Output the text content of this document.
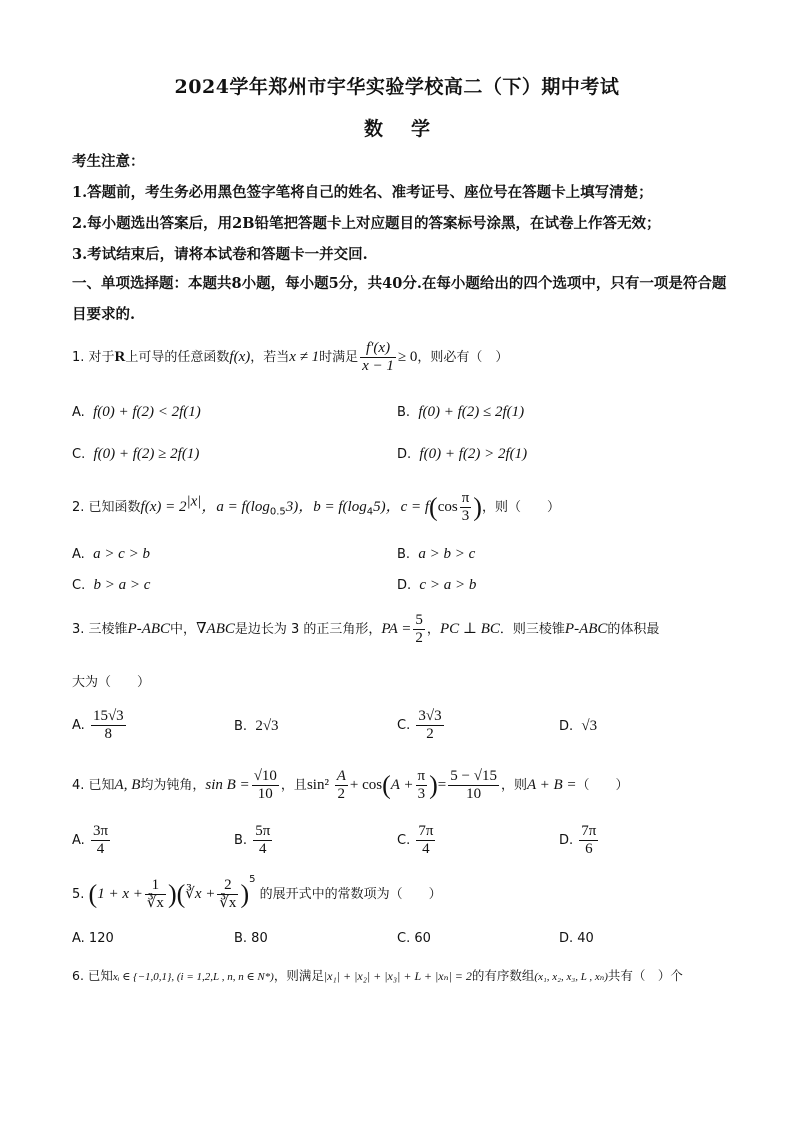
2024学年郑州市宇华实验学校高二（下）期中考试
数学
考生注意：
1.答题前，考生务必用黑色签字笔将自己的姓名、准考证号、座位号在答题卡上填写清楚；
2.每小题选出答案后，用2B铅笔把答题卡上对应题目的答案标号涂黑，在试卷上作答无效；
3.考试结束后，请将本试卷和答题卡一并交回.
一、单项选择题：本题共8小题，每小题5分，共40分.在每小题给出的四个选项中，只有一项是符合题目要求的.
1. 对于R上可导的任意函数f(x)，若当x ≠ 1时满足 $\frac{f'(x)}{x - 1} \ge 0$，则必有（　）
A. f(0) + f(2) < 2f(1)	B. f(0) + f(2) ≤ 2f(1)
C. f(0) + f(2) ≥ 2f(1)	D. f(0) + f(2) > 2f(1)
2. 已知函数$f(x) = 2^{|x|}$，$a = f(\log_{0.5}3)$，$b = f(\log_45)$，$c = f(\cos \frac{\pi}{3}$ )，则（　　）
A. a > c > b	B. a > b > c
C. b > a > c	D. c > a > b
3. 三棱锥P-ABC中，∇ABC是边长为 3 的正三角形，PA = $\frac{5}{2}$ ，PC ⊥ BC．则三棱锥P-ABC的体积最
大为（　　）
A. $\frac{15√3}{8}$	B. 2√3	C. $\frac{3√3}{2}$	D. √3
4. 已知A, B均为钝角，$\sin B = \frac{√10}{10}$ ，且$\sin^2 \frac{A}{2} + \cos(A + \frac{\pi}{3}$ )= $\frac{5 - √15}{10}$ ，则A + B =（　　）
A. $\frac{3\pi}{4}$	B. $\frac{5\pi}{4}$	C. $\frac{7\pi}{4}$	D. $\frac{7\pi}{6}$
5. ($1 + x + \frac{1}{∛x}$ )(∛x + $\frac{2}{∛x} )^5$ 的展开式中的常数项为（　　）
A. 120	B. 80	C. 60	D. 40
6. 已知xᵢ ∈ {−1,0,1}, (i = 1,2,L , n, n ∈ N*)，则满足|x₁| + |x₂| + |x₃| + L + |xₙ| = 2的有序数组(x₁, x₂, x₃, L , xₙ)共有（　）个
